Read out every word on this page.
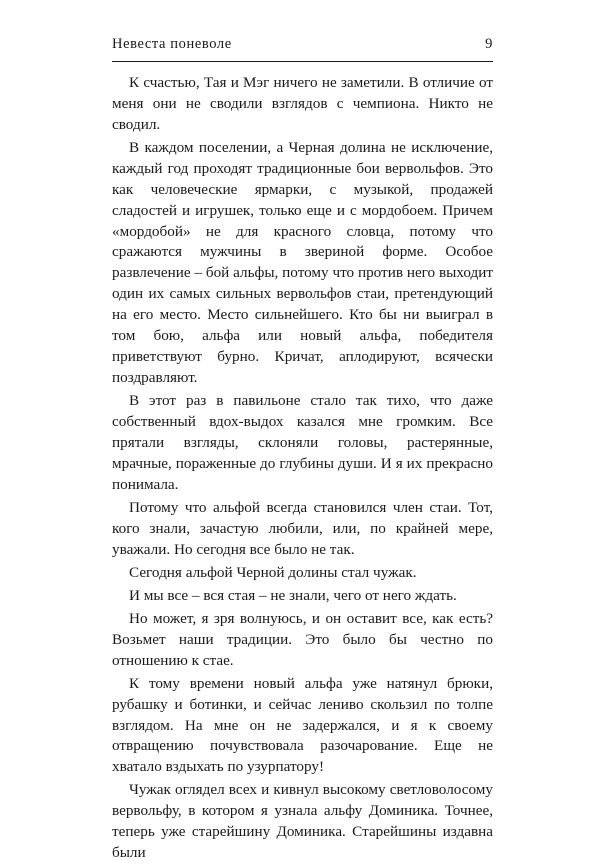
Невеста поневоле	9

К счастью, Тая и Мэг ничего не заметили. В отличие от меня они не сводили взглядов с чемпиона. Никто не сводил.

В каждом поселении, а Черная долина не исключение, каждый год проходят традиционные бои вервольфов. Это как человеческие ярмарки, с музыкой, продажей сладостей и игрушек, только еще и с мордобоем. Причем «мордобой» не для красного словца, потому что сражаются мужчины в звериной форме. Особое развлечение – бой альфы, потому что против него выходит один их самых сильных вервольфов стаи, претендующий на его место. Место сильнейшего. Кто бы ни выиграл в том бою, альфа или новый альфа, победителя приветствуют бурно. Кричат, аплодируют, всячески поздравляют.

В этот раз в павильоне стало так тихо, что даже собственный вдох-выдох казался мне громким. Все прятали взгляды, склоняли головы, растерянные, мрачные, пораженные до глубины души. И я их прекрасно понимала.

Потому что альфой всегда становился член стаи. Тот, кого знали, зачастую любили, или, по крайней мере, уважали. Но сегодня все было не так.

Сегодня альфой Черной долины стал чужак.

И мы все – вся стая – не знали, чего от него ждать.

Но может, я зря волнуюсь, и он оставит все, как есть? Возьмет наши традиции. Это было бы честно по отношению к стае.

К тому времени новый альфа уже натянул брюки, рубашку и ботинки, и сейчас лениво скользил по толпе взглядом. На мне он не задержался, и я к своему отвращению почувствовала разочарование. Еще не хватало вздыхать по узурпатору!

Чужак оглядел всех и кивнул высокому светловолосому вервольфу, в котором я узнала альфу Доминика. Точнее, теперь уже старейшину Доминика. Старейшины издавна были
